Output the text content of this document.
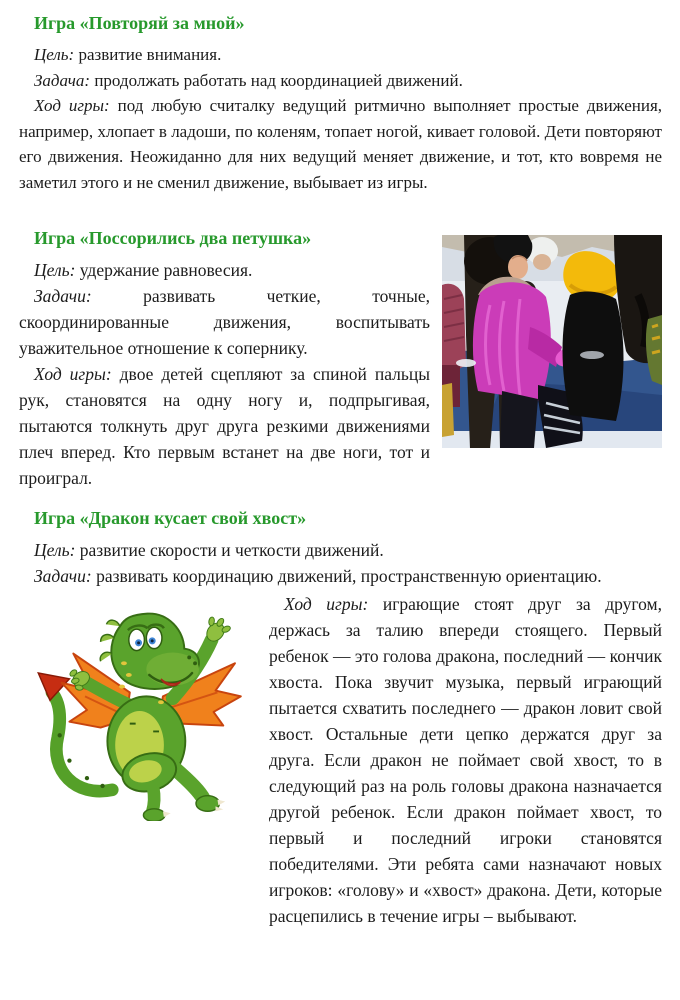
Игра «Повторяй за мной»

Цель: развитие внимания.

Задача: продолжать работать над координацией движений.

Ход игры: под любую считалку ведущий ритмично выполняет простые движения, например, хлопает в ладоши, по коленям, топает ногой, кивает головой. Дети повторяют его движения. Неожиданно для них ведущий меняет движение, и тот, кто вовремя не заметил этого и не сменил движение, выбывает из игры.

Игра «Поссорились два петушка»

Цель: удержание равновесия.

Задачи:	развивать четкие, точные, скоординированные движения, воспитывать уважительное отношение к сопернику.

Ход игры: двое детей сцепляют за спиной пальцы рук, становятся на одну ногу и, подпрыгивая, пытаются толкнуть друг друга резкими движениями плеч вперед. Кто первым встанет на две ноги, тот и проиграл.

Игра «Дракон кусает свой хвост»

Цель: развитие скорости и четкости движений.

Задачи: развивать координацию движений, пространственную ориентацию.

Ход игры: играющие стоят друг за другом, держась за талию впереди стоящего. Первый ребенок — это голова дракона, последний — кончик хвоста. Пока звучит музыка, первый играющий пытается схватить последнего — дракон ловит свой хвост. Остальные дети цепко держатся друг за друга. Если дракон не поймает свой хвост, то в следующий раз на роль головы дракона назначается другой ребенок. Если дракон поймает хвост, то первый и последний игроки становятся победителями. Эти ребята сами назначают новых игроков: «голову» и «хвост» дракона. Дети, которые расцепились в течение игры – выбывают.
